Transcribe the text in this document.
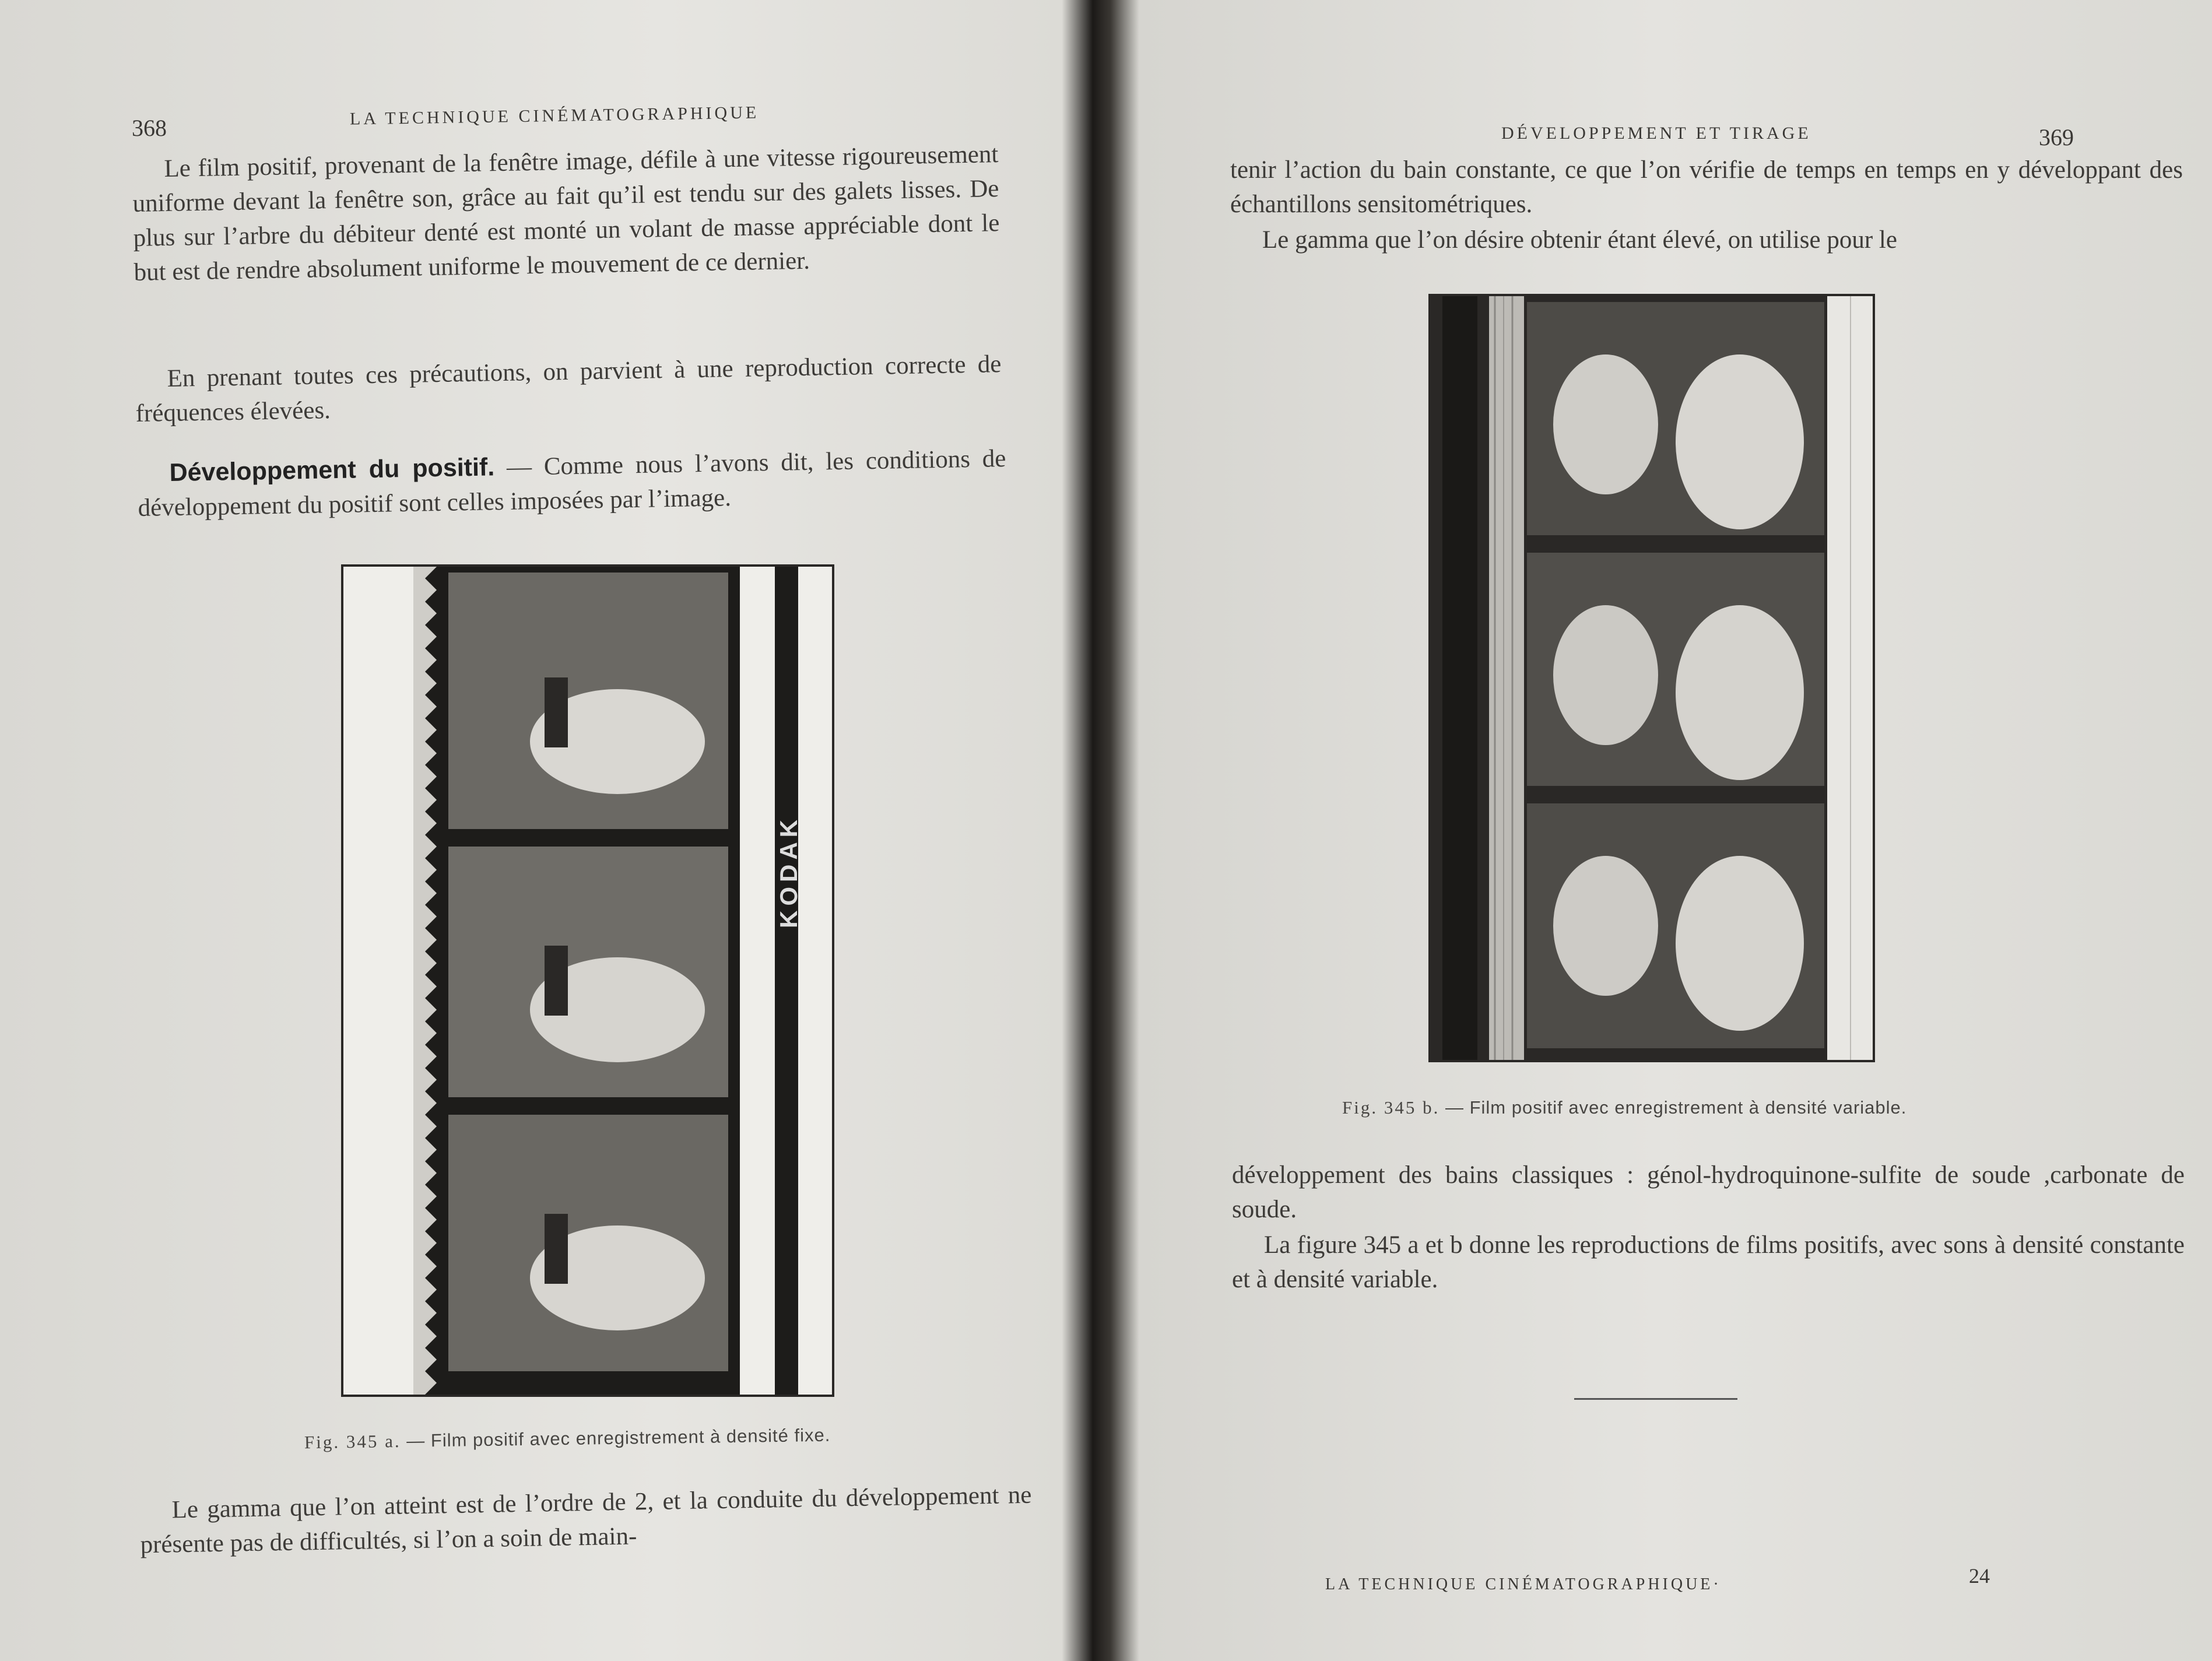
368	LA TECHNIQUE CINÉMATOGRAPHIQUE
Le film positif, provenant de la fenêtre image, défile à une vitesse rigoureusement uniforme devant la fenêtre son, grâce au fait qu’il est tendu sur des galets lisses. De plus sur l’arbre du débiteur denté est monté un volant de masse appréciable dont le but est de rendre absolument uniforme le mouvement de ce dernier.
En prenant toutes ces précautions, on parvient à une reproduction correcte de fréquences élevées.
Développement du positif. — Comme nous l’avons dit, les conditions de développement du positif sont celles imposées par l’image.
KODAK
Fig. 345 a. — Film positif avec enregistrement à densité fixe.
Le gamma que l’on atteint est de l’ordre de 2, et la conduite du développement ne présente pas de difficultés, si l’on a soin de main-
DÉVELOPPEMENT ET TIRAGE	369
tenir l’action du bain constante, ce que l’on vérifie de temps en temps en y développant des échantillons sensitométriques.
Le gamma que l’on désire obtenir étant élevé, on utilise pour le
Fig. 345 b. — Film positif avec enregistrement à densité variable.
développement des bains classiques : génol-hydroquinone-sulfite de soude ,carbonate de soude.
La figure 345 a et b donne les reproductions de films positifs, avec sons à densité constante et à densité variable.
LA TECHNIQUE CINÉMATOGRAPHIQUE·	24
